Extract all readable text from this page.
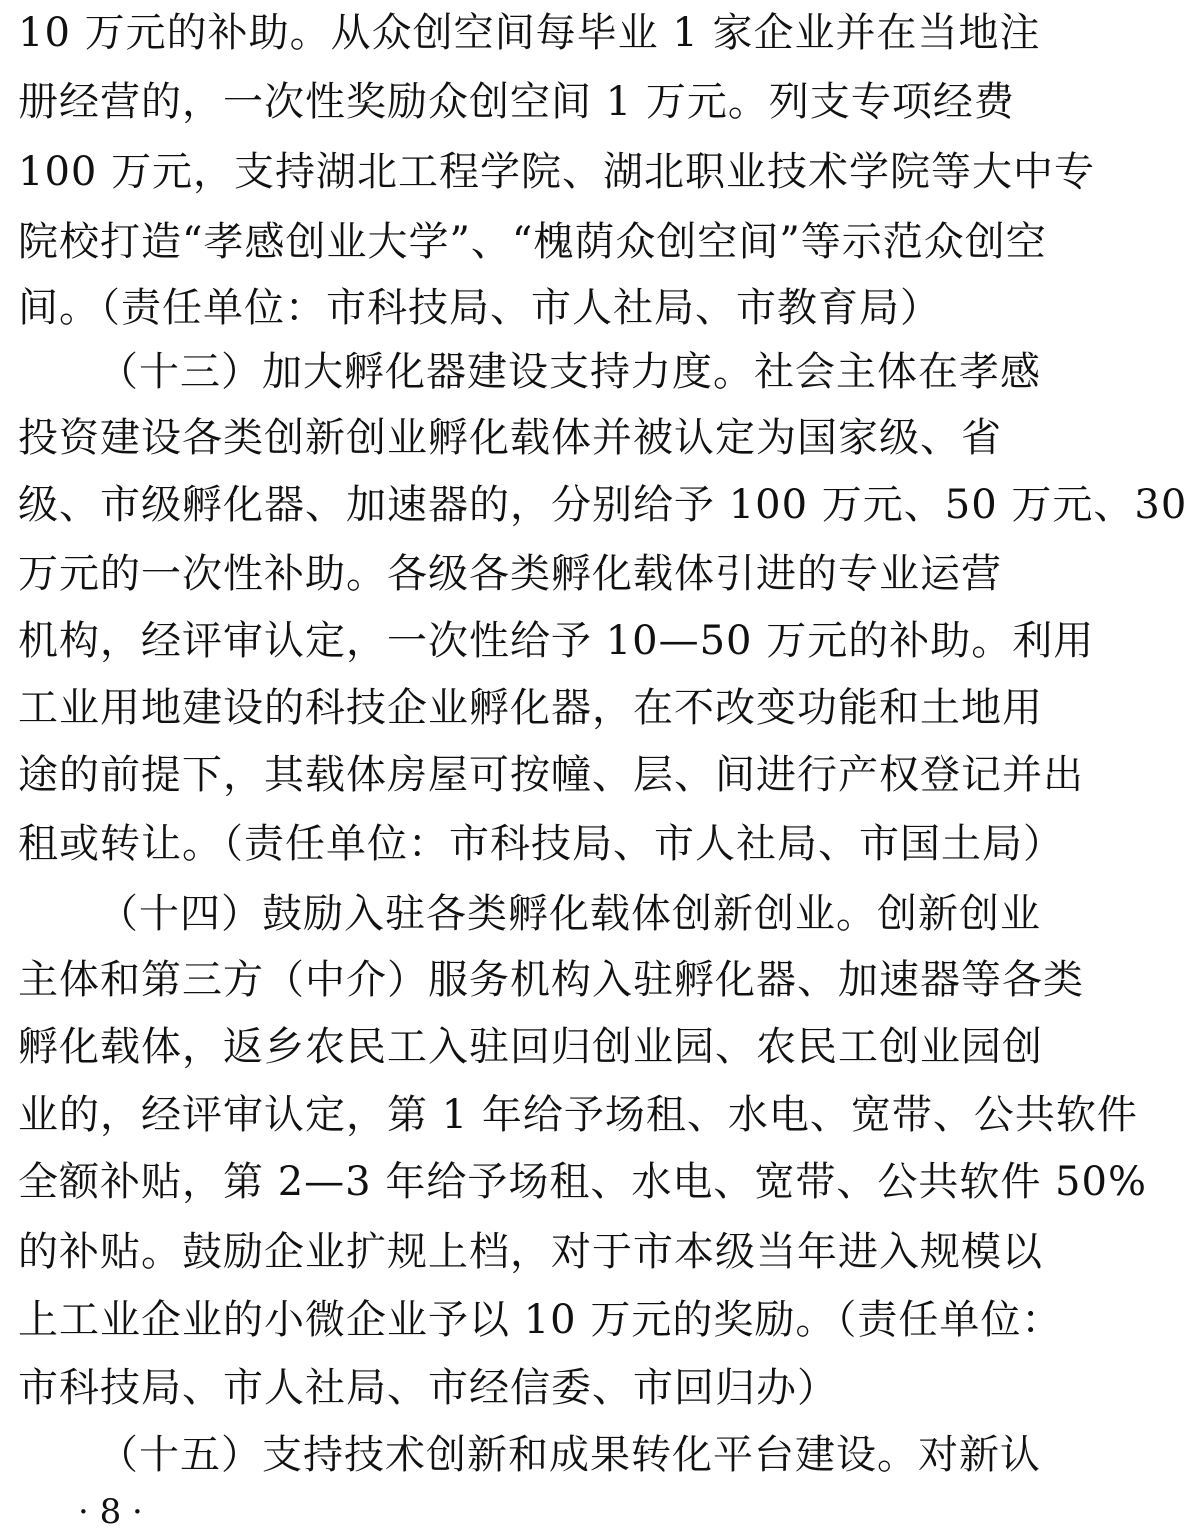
10 万元的补助。从众创空间每毕业 1 家企业并在当地注
册经营的，一次性奖励众创空间 1 万元。列支专项经费
100 万元，支持湖北工程学院、湖北职业技术学院等大中专
院校打造“孝感创业大学”、“槐荫众创空间”等示范众创空
间。（责任单位：市科技局、市人社局、市教育局）
（十三）加大孵化器建设支持力度。社会主体在孝感
投资建设各类创新创业孵化载体并被认定为国家级、省
级、市级孵化器、加速器的，分别给予 100 万元、50 万元、30
万元的一次性补助。各级各类孵化载体引进的专业运营
机构，经评审认定，一次性给予 10—50 万元的补助。利用
工业用地建设的科技企业孵化器，在不改变功能和土地用
途的前提下，其载体房屋可按幢、层、间进行产权登记并出
租或转让。（责任单位：市科技局、市人社局、市国土局）
（十四）鼓励入驻各类孵化载体创新创业。创新创业
主体和第三方（中介）服务机构入驻孵化器、加速器等各类
孵化载体，返乡农民工入驻回归创业园、农民工创业园创
业的，经评审认定，第 1 年给予场租、水电、宽带、公共软件
全额补贴，第 2—3 年给予场租、水电、宽带、公共软件 50%
的补贴。鼓励企业扩规上档，对于市本级当年进入规模以
上工业企业的小微企业予以 10 万元的奖励。（责任单位：
市科技局、市人社局、市经信委、市回归办）
（十五）支持技术创新和成果转化平台建设。对新认
· 8 ·
